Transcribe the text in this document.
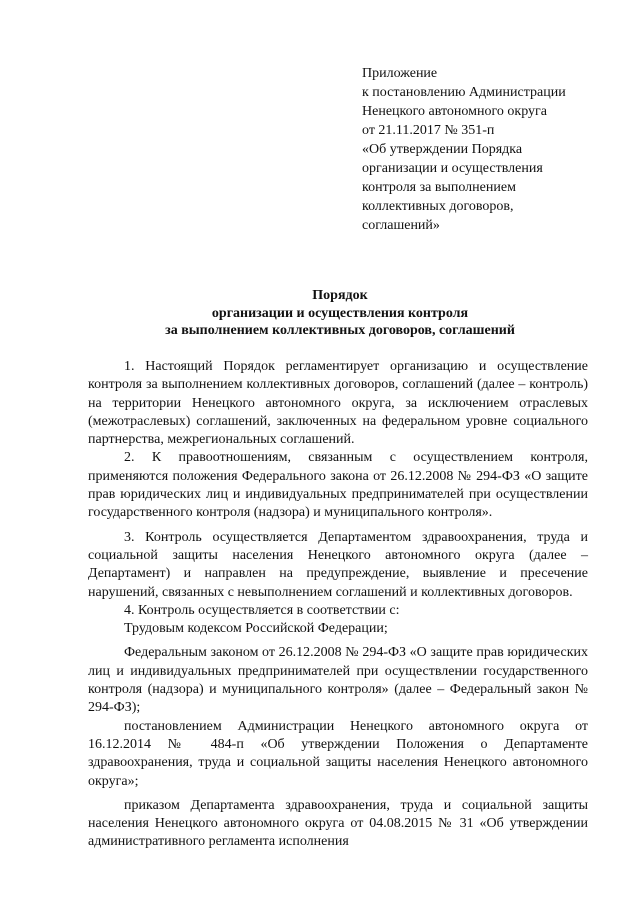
Приложение
к постановлению Администрации
Ненецкого автономного округа
от 21.11.2017 № 351-п
«Об утверждении Порядка
организации и осуществления
контроля за выполнением
коллективных договоров,
соглашений»
Порядок
организации и осуществления контроля
за выполнением коллективных договоров, соглашений

1. Настоящий Порядок регламентирует организацию и осуществление контроля за выполнением коллективных договоров, соглашений (далее – контроль) на территории Ненецкого автономного округа, за исключением отраслевых (межотраслевых) соглашений, заключенных на федеральном уровне социального партнерства, межрегиональных соглашений.

2. К правоотношениям, связанным с осуществлением контроля, применяются положения Федерального закона от 26.12.2008 № 294-ФЗ «О защите прав юридических лиц и индивидуальных предпринимателей при осуществлении государственного контроля (надзора) и муниципального контроля».

3. Контроль осуществляется Департаментом здравоохранения, труда и социальной защиты населения Ненецкого автономного округа (далее – Департамент) и направлен на предупреждение, выявление и пресечение нарушений, связанных с невыполнением соглашений и коллективных договоров.

4. Контроль осуществляется в соответствии с:

Трудовым кодексом Российской Федерации;

Федеральным законом от 26.12.2008 № 294-ФЗ «О защите прав юридических лиц и индивидуальных предпринимателей при осуществлении государственного контроля (надзора) и муниципального контроля» (далее – Федеральный закон № 294-ФЗ);

постановлением Администрации Ненецкого автономного округа от 16.12.2014 № 484-п «Об утверждении Положения о Департаменте здравоохранения, труда и социальной защиты населения Ненецкого автономного округа»;

приказом Департамента здравоохранения, труда и социальной защиты населения Ненецкого автономного округа от 04.08.2015 № 31 «Об утверждении административного регламента исполнения
